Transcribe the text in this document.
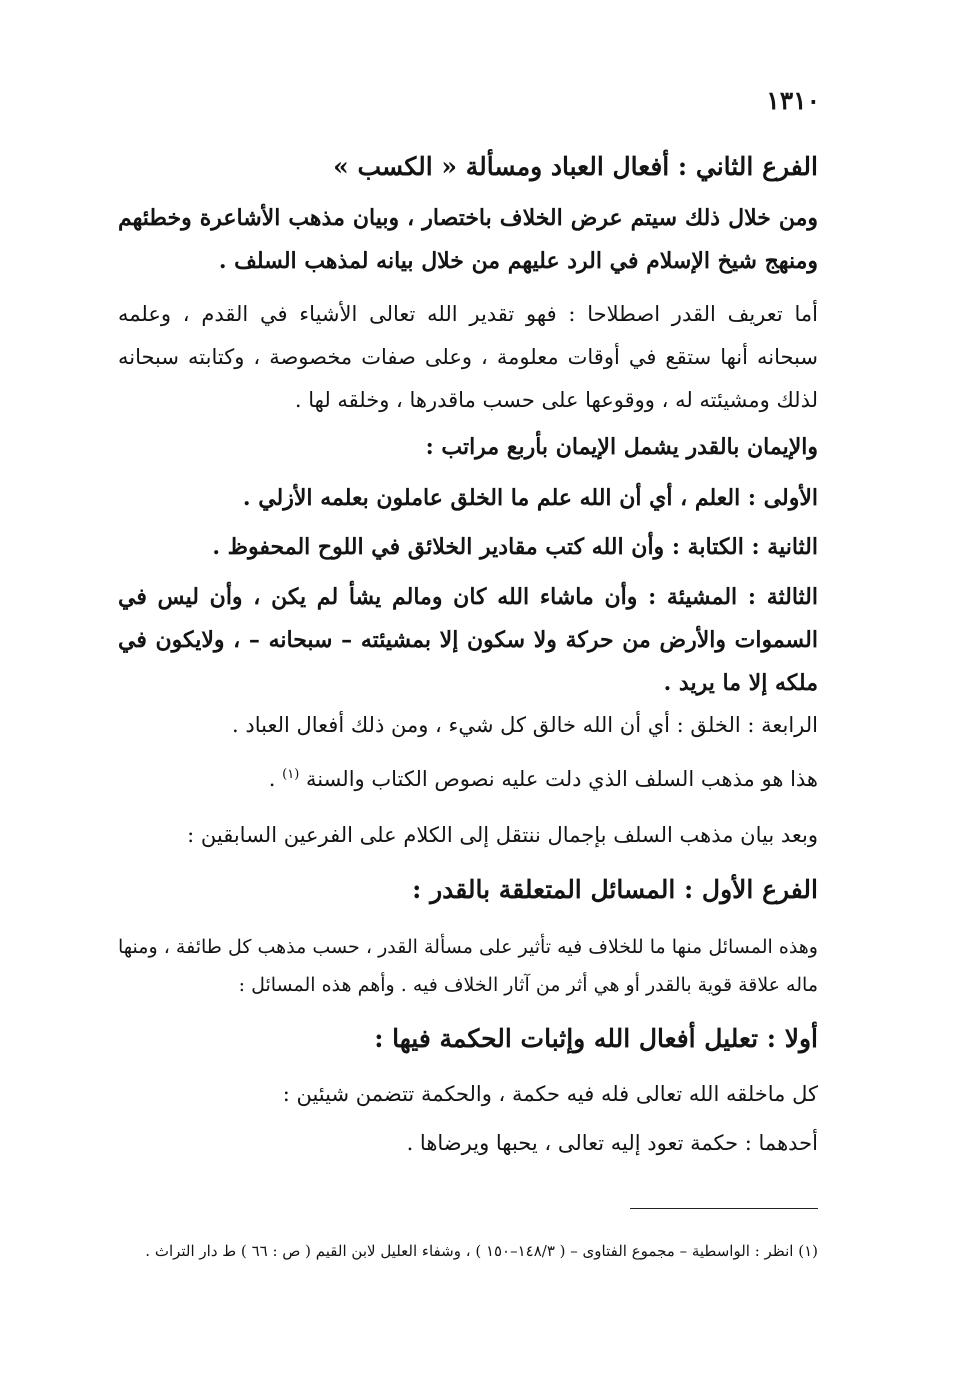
١٣١٠
الفرع الثاني : أفعال العباد ومسألة « الكسب »
ومن خلال ذلك سيتم عرض الخلاف باختصار ، وبيان مذهب الأشاعرة وخطئهم ومنهج شيخ الإسلام في الرد عليهم من خلال بيانه لمذهب السلف .
أما تعريف القدر اصطلاحا : فهو تقدير الله تعالى الأشياء في القدم ، وعلمه سبحانه أنها ستقع في أوقات معلومة ، وعلى صفات مخصوصة ، وكتابته سبحانه لذلك ومشيئته له ، ووقوعها على حسب ماقدرها ، وخلقه لها .
والإيمان بالقدر يشمل الإيمان بأربع مراتب :
الأولى : العلم ، أي أن الله علم ما الخلق عاملون بعلمه الأزلي .
الثانية : الكتابة : وأن الله كتب مقادير الخلائق في اللوح المحفوظ .
الثالثة : المشيئة : وأن ماشاء الله كان ومالم يشأ لم يكن ، وأن ليس في السموات والأرض من حركة ولا سكون إلا بمشيئته – سبحانه – ، ولايكون في ملكه إلا ما يريد .
الرابعة : الخلق : أي أن الله خالق كل شيء ، ومن ذلك أفعال العباد .
هذا هو مذهب السلف الذي دلت عليه نصوص الكتاب والسنة $^{(١)}$ .
وبعد بيان مذهب السلف بإجمال ننتقل إلى الكلام على الفرعين السابقين :
الفرع الأول : المسائل المتعلقة بالقدر :
وهذه المسائل منها ما للخلاف فيه تأثير على مسألة القدر ، حسب مذهب كل طائفة ، ومنها ماله علاقة قوية بالقدر أو هي أثر من آثار الخلاف فيه . وأهم هذه المسائل :
أولا : تعليل أفعال الله وإثبات الحكمة فيها :
كل ماخلقه الله تعالى فله فيه حكمة ، والحكمة تتضمن شيئين :
أحدهما : حكمة تعود إليه تعالى ، يحبها ويرضاها .
(١) انظر : الواسطية – مجموع الفتاوى – ( ١٤٨/٣–١٥٠ ) ، وشفاء العليل لابن القيم ( ص : ٦٦ ) ط دار التراث .
